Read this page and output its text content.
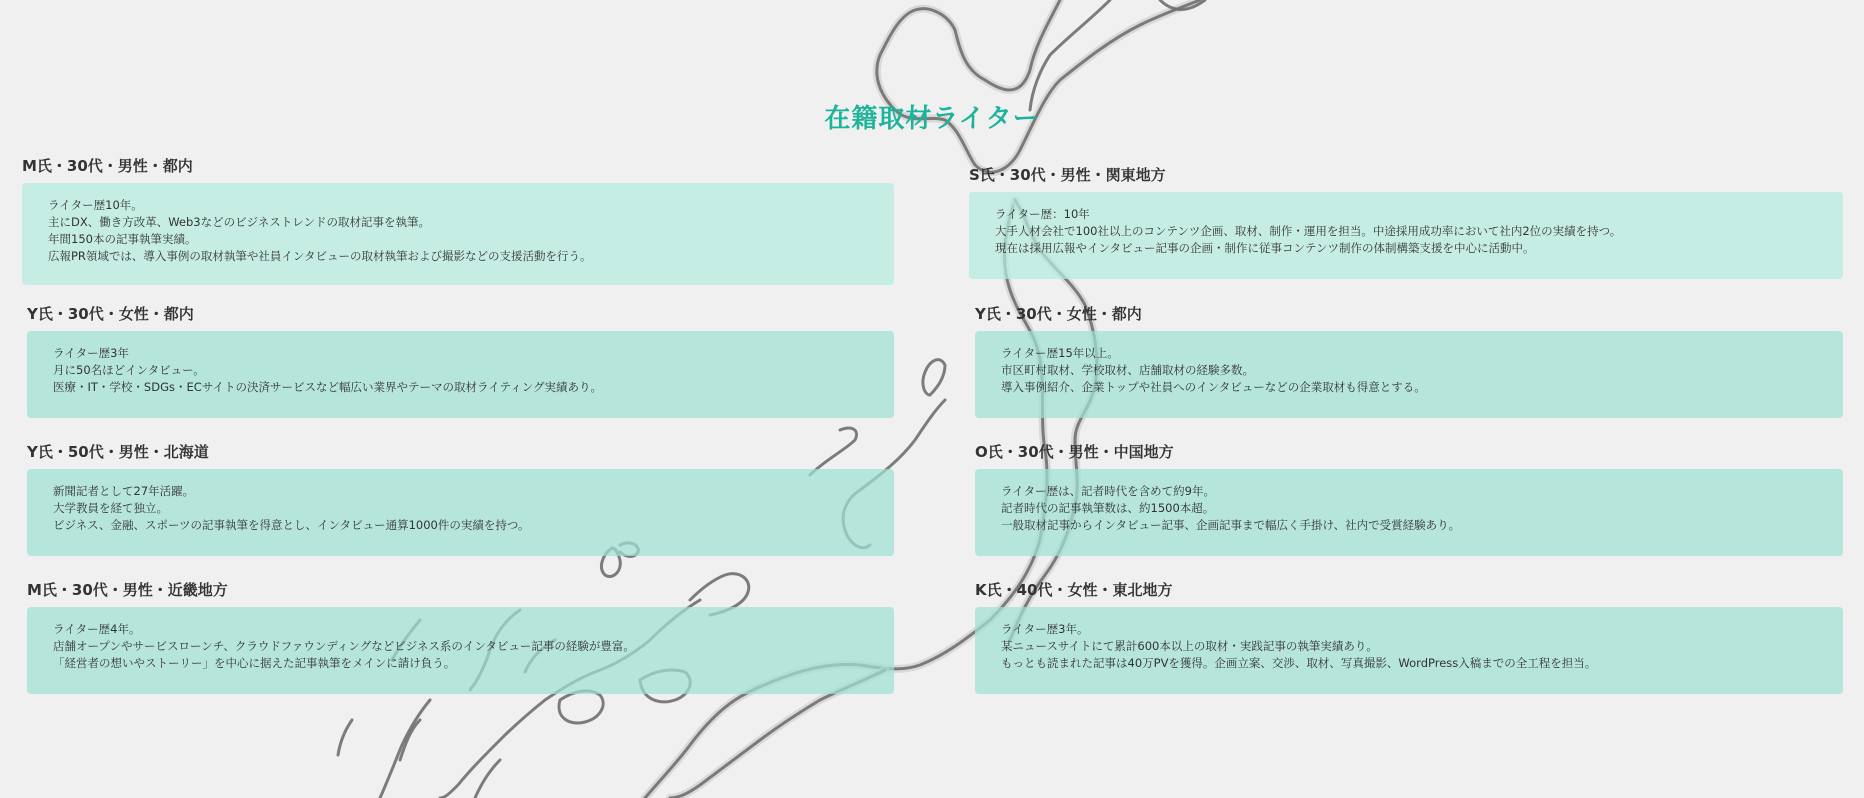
在籍取材ライター
M氏・30代・男性・都内
ライター歴10年。
主にDX、働き方改革、Web3などのビジネストレンドの取材記事を執筆。
年間150本の記事執筆実績。
広報PR領域では、導入事例の取材執筆や社員インタビューの取材執筆および撮影などの支援活動を行う。
S氏・30代・男性・関東地方
ライター歴：10年
大手人材会社で100社以上のコンテンツ企画、取材、制作・運用を担当。中途採用成功率において社内2位の実績を持つ。
現在は採用広報やインタビュー記事の企画・制作に従事コンテンツ制作の体制構築支援を中心に活動中。
Y氏・30代・女性・都内
ライター歴3年
月に50名ほどインタビュー。
医療・IT・学校・SDGs・ECサイトの決済サービスなど幅広い業界やテーマの取材ライティング実績あり。
Y氏・30代・女性・都内
ライター歴15年以上。
市区町村取材、学校取材、店舗取材の経験多数。
導入事例紹介、企業トップや社員へのインタビューなどの企業取材も得意とする。
Y氏・50代・男性・北海道
新聞記者として27年活躍。
大学教員を経て独立。
ビジネス、金融、スポーツの記事執筆を得意とし、インタビュー通算1000件の実績を持つ。
O氏・30代・男性・中国地方
ライター歴は、記者時代を含めて約9年。
記者時代の記事執筆数は、約1500本超。
一般取材記事からインタビュー記事、企画記事まで幅広く手掛け、社内で受賞経験あり。
M氏・30代・男性・近畿地方
ライター歴4年。
店舗オープンやサービスローンチ、クラウドファウンディングなどビジネス系のインタビュー記事の経験が豊富。
「経営者の想いやストーリー」を中心に据えた記事執筆をメインに請け負う。
K氏・40代・女性・東北地方
ライター歴3年。
某ニュースサイトにて累計600本以上の取材・実践記事の執筆実績あり。
もっとも読まれた記事は40万PVを獲得。企画立案、交渉、取材、写真撮影、WordPress入稿までの全工程を担当。
